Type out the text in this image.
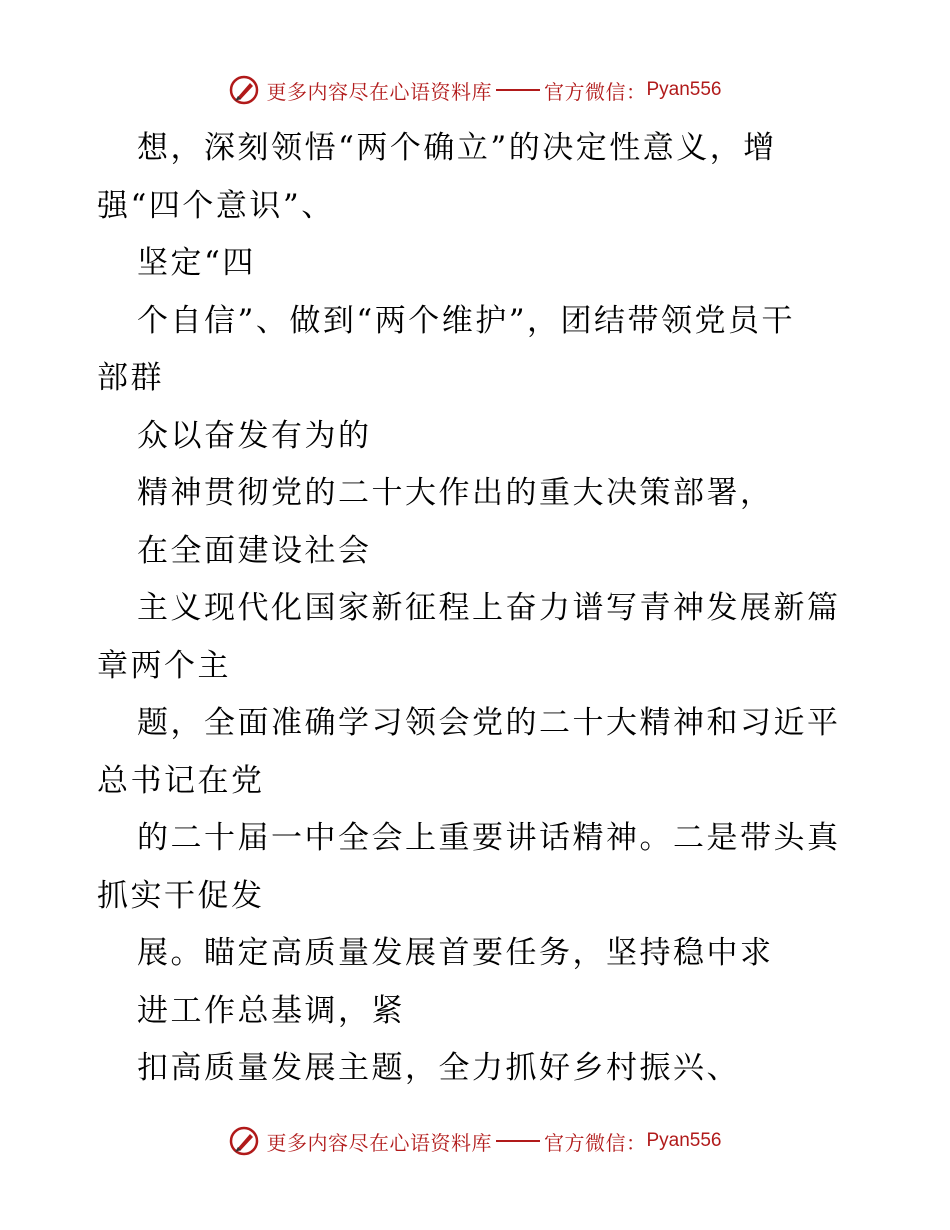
更多内容尽在心语资料库	官方微信： Pyan556
想，深刻领悟“两个确立”的决定性意义，增
强“四个意识”、
坚定“四
个自信”、做到“两个维护”，团结带领党员干
部群
众以奋发有为的
精神贯彻党的二十大作出的重大决策部署，
在全面建设社会
主义现代化国家新征程上奋力谱写青神发展新篇
章两个主
题，全面准确学习领会党的二十大精神和习近平
总书记在党
的二十届一中全会上重要讲话精神。二是带头真
抓实干促发
展。瞄定高质量发展首要任务，坚持稳中求
进工作总基调，紧
扣高质量发展主题，全力抓好乡村振兴、
更多内容尽在心语资料库	官方微信： Pyan556
